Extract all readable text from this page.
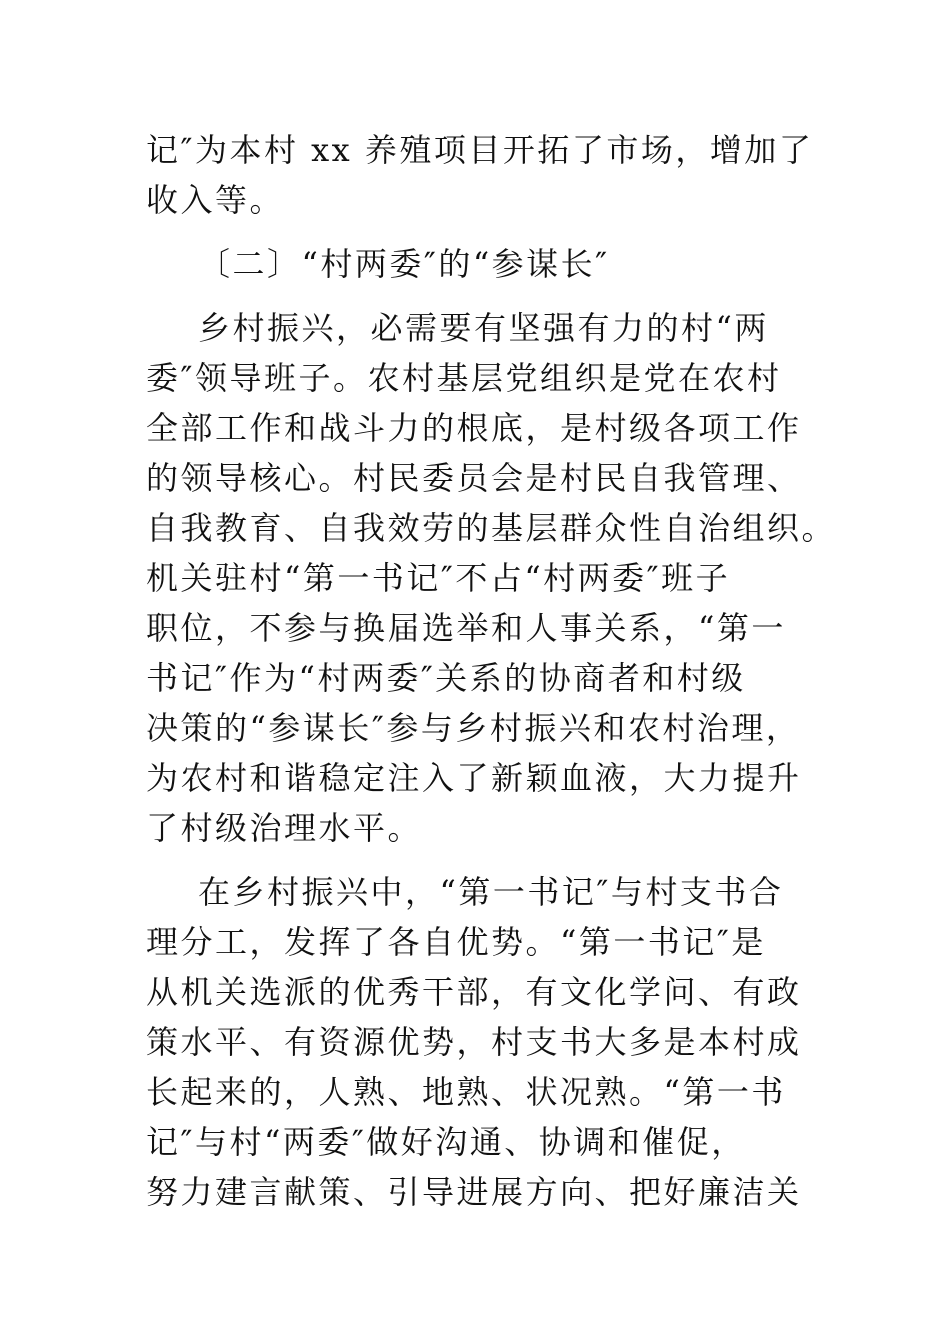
记″为本村 xx 养殖项目开拓了市场，增加了
收入等。
〔二〕“村两委″的“参谋长″
乡村振兴，必需要有坚强有力的村“两
委″领导班子。农村基层党组织是党在农村
全部工作和战斗力的根底，是村级各项工作
的领导核心。村民委员会是村民自我管理、
自我教育、自我效劳的基层群众性自治组织。
机关驻村“第一书记″不占“村两委″班子
职位，不参与换届选举和人事关系，“第一
书记″作为“村两委″关系的协商者和村级
决策的“参谋长″参与乡村振兴和农村治理，
为农村和谐稳定注入了新颖血液，大力提升
了村级治理水平。
在乡村振兴中，“第一书记″与村支书合
理分工，发挥了各自优势。“第一书记″是
从机关选派的优秀干部，有文化学问、有政
策水平、有资源优势，村支书大多是本村成
长起来的，人熟、地熟、状况熟。“第一书
记″与村“两委″做好沟通、协调和催促，
努力建言献策、引导进展方向、把好廉洁关
